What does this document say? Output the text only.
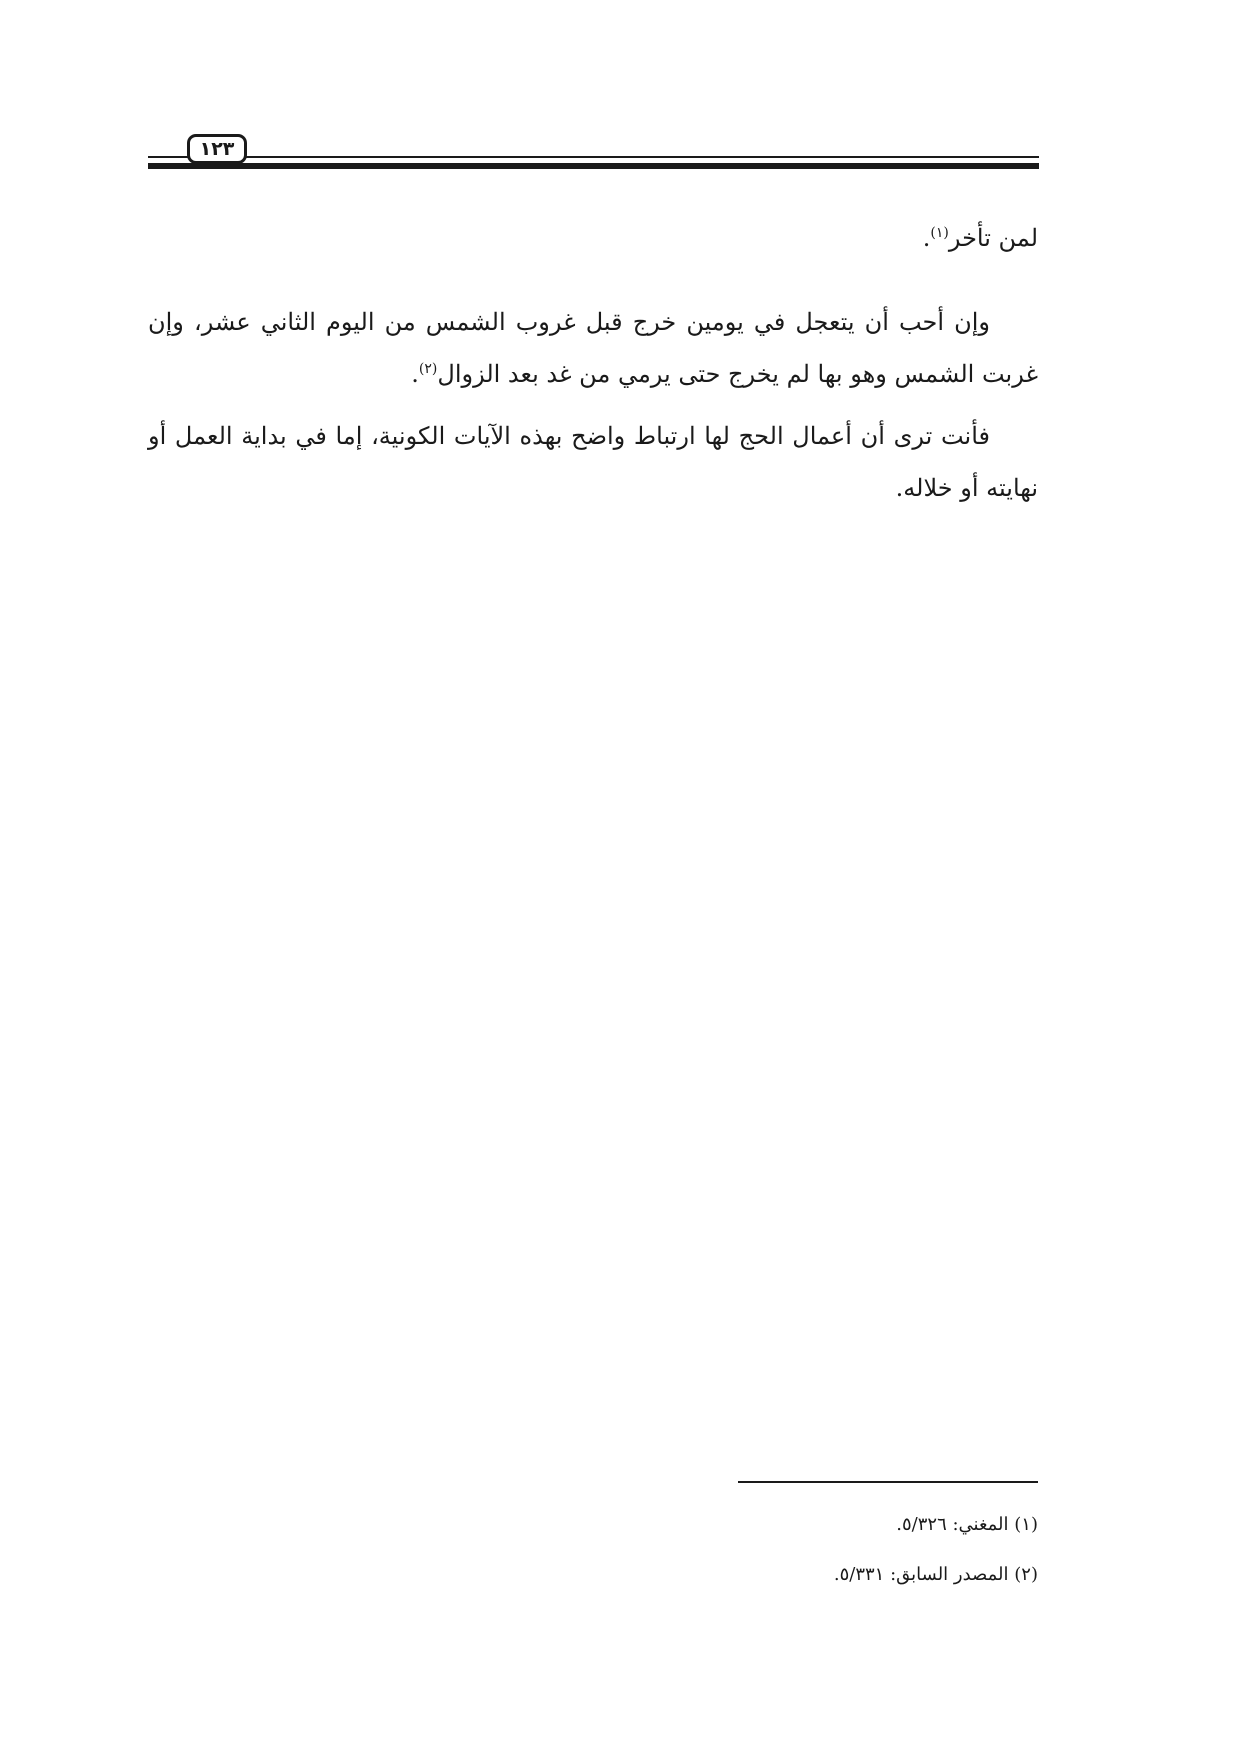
١٢٣

لمن تأخر$^{(١)}$.

وإن أحب أن يتعجل في يومين خرج قبل غروب الشمس من اليوم الثاني عشر، وإن غربت الشمس وهو بها لم يخرج حتى يرمي من غد بعد الزوال$^{(٢)}$.

فأنت ترى أن أعمال الحج لها ارتباط واضح بهذه الآيات الكونية، إما في بداية العمل أو نهايته أو خلاله.

(١) المغني: ٥/٣٢٦.

(٢) المصدر السابق: ٥/٣٣١.
